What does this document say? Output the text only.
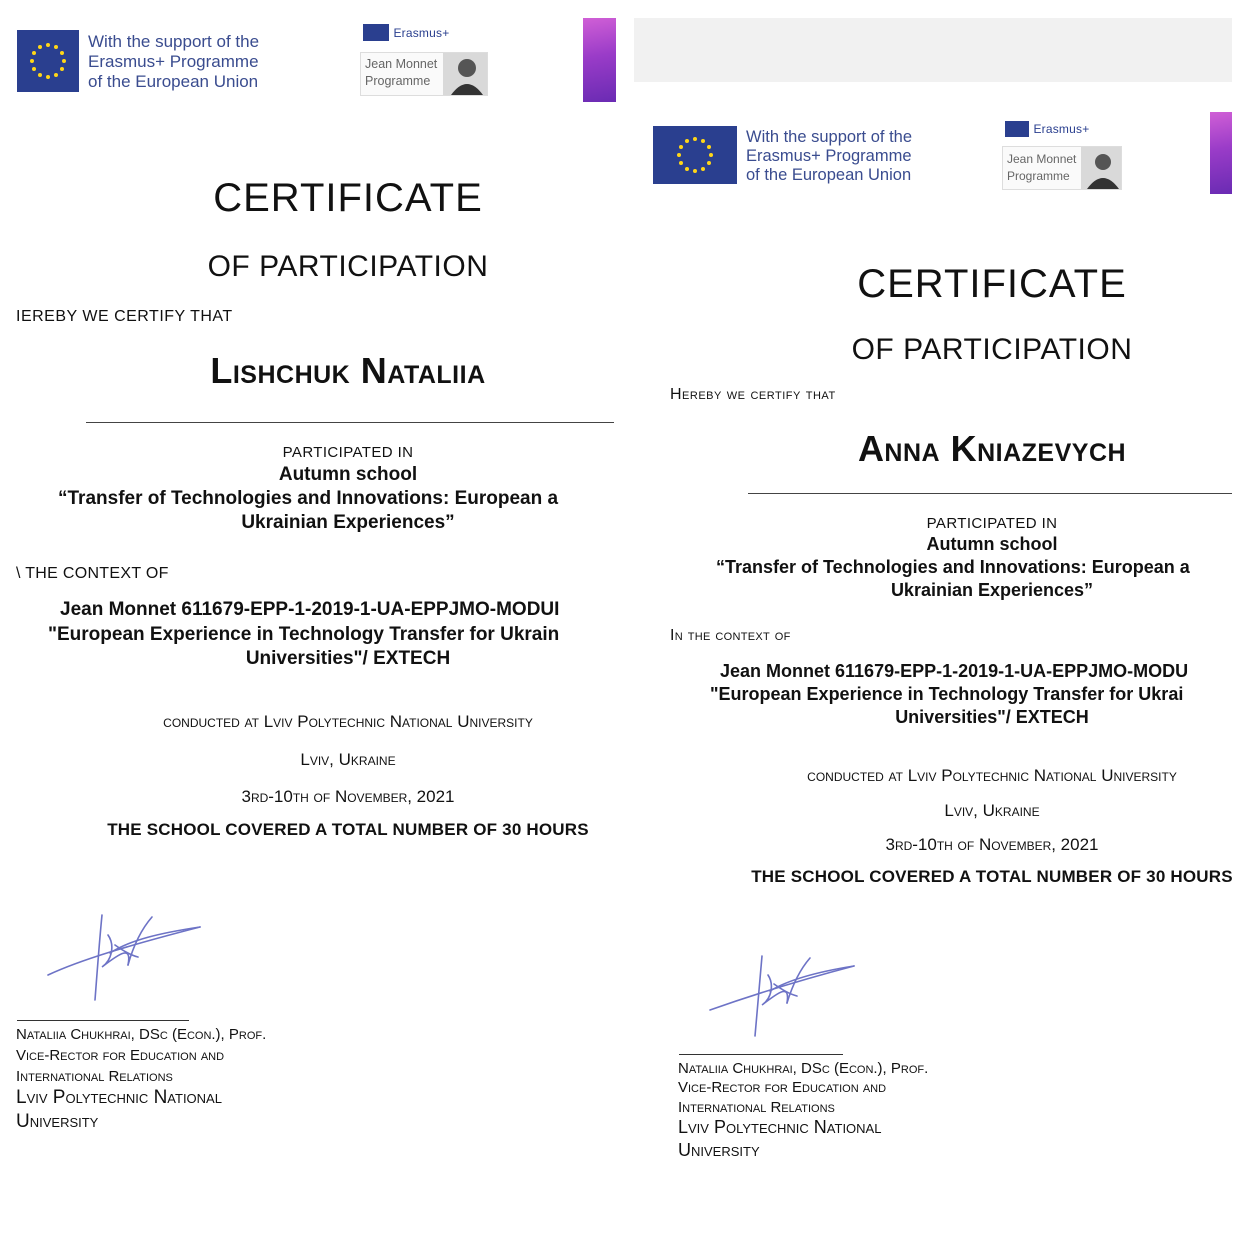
With the support of the
Erasmus+ Programme
of the European Union
Erasmus+
Jean Monnet
Programme
CERTIFICATE
OF PARTICIPATION
IEREBY WE CERTIFY THAT
Lishchuk Nataliia
PARTICIPATED IN
Autumn school
“Transfer of Technologies and Innovations: European a
Ukrainian Experiences”
\ THE CONTEXT OF
Jean Monnet 611679-EPP-1-2019-1-UA-EPPJMO-MODUI
"European Experience in Technology Transfer for Ukrain
Universities"/ EXTECH
conducted at Lviv Polytechnic National University
Lviv, Ukraine
3rd-10th of November, 2021
THE SCHOOL COVERED A TOTAL NUMBER OF 30 HOURS
Nataliia Chukhrai, DSc (Econ.), Prof.
Vice-Rector for Education and
International Relations
Lviv Polytechnic National
University
With the support of the
Erasmus+ Programme
of the European Union
Erasmus+
Jean Monnet
Programme
CERTIFICATE
OF PARTICIPATION
Hereby we certify that
Anna Kniazevych
PARTICIPATED IN
Autumn school
“Transfer of Technologies and Innovations: European a
Ukrainian Experiences”
In the context of
Jean Monnet 611679-EPP-1-2019-1-UA-EPPJMO-MODU
"European Experience in Technology Transfer for Ukrai
Universities"/ EXTECH
conducted at Lviv Polytechnic National University
Lviv, Ukraine
3rd-10th of November, 2021
THE SCHOOL COVERED A TOTAL NUMBER OF 30 HOURS
Nataliia Chukhrai, DSc (Econ.), Prof.
Vice-Rector for Education and
International Relations
Lviv Polytechnic National
University
